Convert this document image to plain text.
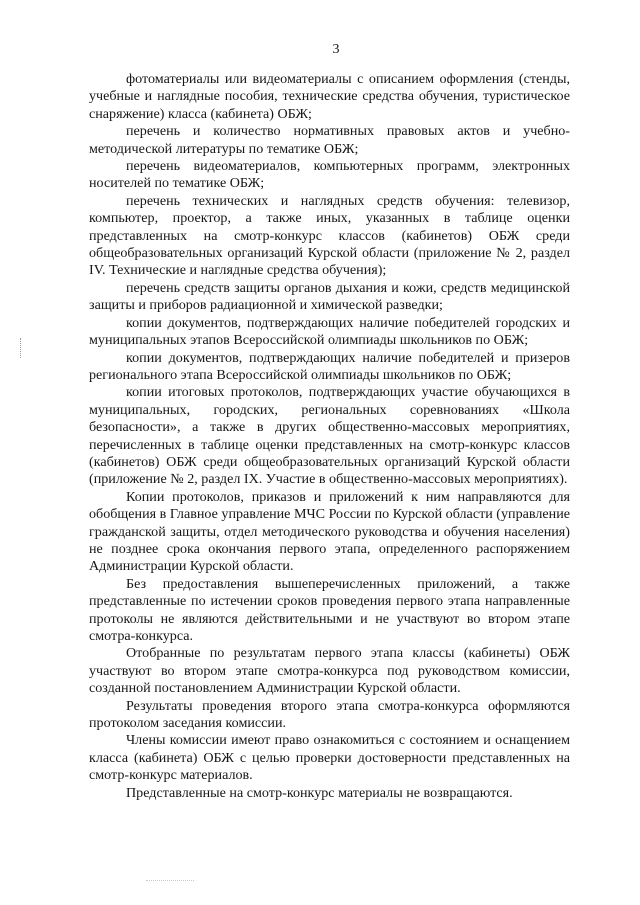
3

фотоматериалы или видеоматериалы с описанием оформления (стенды, учебные и наглядные пособия, технические средства обучения, туристическое снаряжение) класса (кабинета) ОБЖ;

перечень и количество нормативных правовых актов и учебно-методической литературы по тематике ОБЖ;

перечень видеоматериалов, компьютерных программ, электронных носителей по тематике ОБЖ;

перечень технических и наглядных средств обучения: телевизор, компьютер, проектор, а также иных, указанных в таблице оценки представленных на смотр-конкурс классов (кабинетов) ОБЖ среди общеобразовательных организаций Курской области (приложение № 2, раздел IV. Технические и наглядные средства обучения);

перечень средств защиты органов дыхания и кожи, средств медицинской защиты и приборов радиационной и химической разведки;

копии документов, подтверждающих наличие победителей городских и муниципальных этапов Всероссийской олимпиады школьников по ОБЖ;

копии документов, подтверждающих наличие победителей и призеров регионального этапа Всероссийской олимпиады школьников по ОБЖ;

копии итоговых протоколов, подтверждающих участие обучающихся в муниципальных, городских, региональных соревнованиях «Школа безопасности», а также в других общественно-массовых мероприятиях, перечисленных в таблице оценки представленных на смотр-конкурс классов (кабинетов) ОБЖ среди общеобразовательных организаций Курской области (приложение № 2, раздел IX. Участие в общественно-массовых мероприятиях).

Копии протоколов, приказов и приложений к ним направляются для обобщения в Главное управление МЧС России по Курской области (управление гражданской защиты, отдел методического руководства и обучения населения) не позднее срока окончания первого этапа, определенного распоряжением Администрации Курской области.

Без предоставления вышеперечисленных приложений, а также представленные по истечении сроков проведения первого этапа направленные протоколы не являются действительными и не участвуют во втором этапе смотра-конкурса.

Отобранные по результатам первого этапа классы (кабинеты) ОБЖ участвуют во втором этапе смотра-конкурса под руководством комиссии, созданной постановлением Администрации Курской области.

Результаты проведения второго этапа смотра-конкурса оформляются протоколом заседания комиссии.

Члены комиссии имеют право ознакомиться с состоянием и оснащением класса (кабинета) ОБЖ с целью проверки достоверности представленных на смотр-конкурс материалов.

Представленные на смотр-конкурс материалы не возвращаются.
